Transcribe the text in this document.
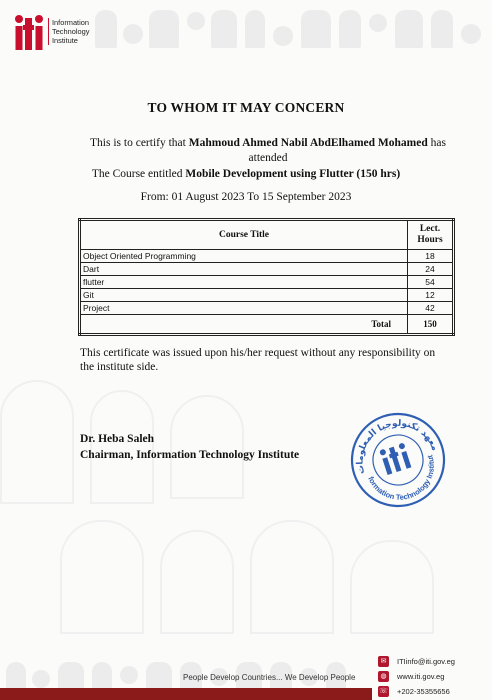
Information
Technology
Institute
TO WHOM IT MAY CONCERN
This is to certify that Mahmoud Ahmed Nabil AbdElhamed Mohamed has attended
The Course entitled Mobile Development using Flutter (150 hrs)
From: 01 August 2023 To 15 September 2023
Course Title	Lect.
Hours

Object Oriented Programming	18
Dart	24
flutter	54
Git	12
Project	42
Total	150
This certificate was issued upon his/her request without any responsibility on the institute side.
Dr. Heba Saleh
Chairman, Information Technology Institute
معهد تكنولوجيا المعلومات
Information Technology Institute
People Develop Countries... We Develop People
✉	ITIinfo@iti.gov.eg
◍	www.iti.gov.eg
☏ +202-35355656
